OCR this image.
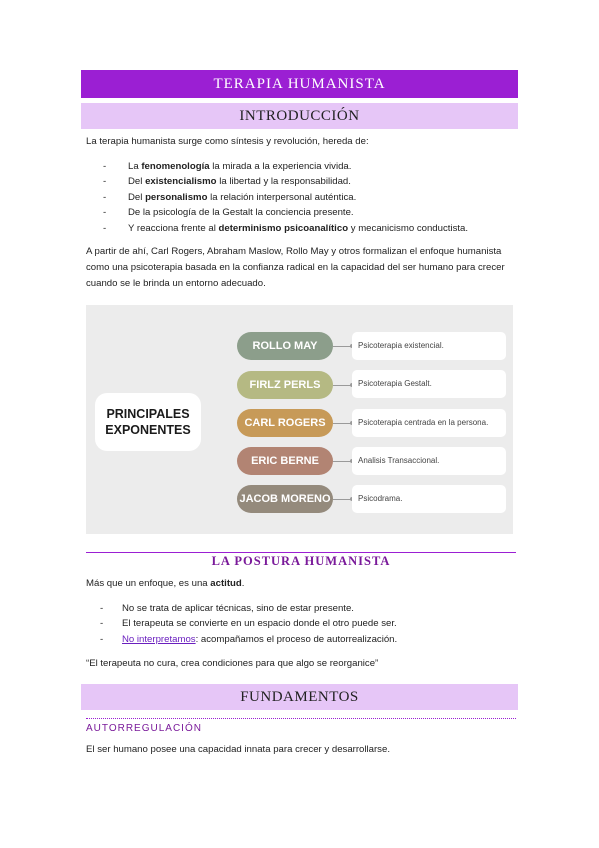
TERAPIA HUMANISTA
INTRODUCCIÓN

La terapia humanista surge como síntesis y revolución, hereda de:

- La fenomenología la mirada a la experiencia vivida.
- Del existencialismo la libertad y la responsabilidad.
- Del personalismo la relación interpersonal auténtica.
- De la psicología de la Gestalt la conciencia presente.
- Y reacciona frente al determinismo psicoanalítico y mecanicismo conductista.

A partir de ahí, Carl Rogers, Abraham Maslow, Rollo May y otros formalizan el enfoque humanista como una psicoterapia basada en la confianza radical en la capacidad del ser humano para crecer cuando se le brinda un entorno adecuado.

PRINCIPALES
EXPONENTES
ROLLO MAY	Psicoterapia existencial.
FIRLZ PERLS	Psicoterapia Gestalt.
CARL ROGERS	Psicoterapia centrada en la persona.
ERIC BERNE	Analisis Transaccional.
JACOB MORENO	Psicodrama.
LA POSTURA HUMANISTA

Más que un enfoque, es una actitud.

- No se trata de aplicar técnicas, sino de estar presente.
- El terapeuta se convierte en un espacio donde el otro puede ser.
- No interpretamos: acompañamos el proceso de autorrealización.

“El terapeuta no cura, crea condiciones para que algo se reorganice”

FUNDAMENTOS
AUTORREGULACIÓN

El ser humano posee una capacidad innata para crecer y desarrollarse.
